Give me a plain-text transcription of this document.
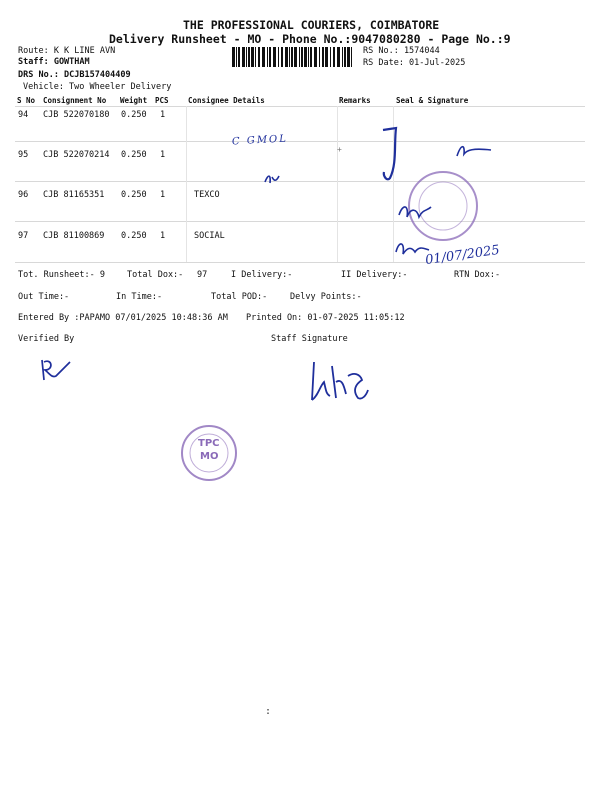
THE PROFESSIONAL COURIERS, COIMBATORE
Delivery Runsheet - MO - Phone No.:9047080280 - Page No.:9
Route: K K LINE AVN
Staff: GOWTHAM
DRS No.: DCJB157404409
Vehicle: Two Wheeler Delivery
RS No.: 1574044
RS Date: 01-Jul-2025
S No Consignment No Weight PCS	Consignee Details	Remarks	Seal & Signature
94 CJB 522070180 0.250 1
95 CJB 522070214 0.250 1
96 CJB 81165351 0.250 1	TEXCO
97 CJB 81100869 0.250 1	SOCIAL
Tot. Runsheet:- 9	Total Dox:- 97	I Delivery:-	II Delivery:-	RTN Dox:-
Out Time:-	In Time:-	Total POD:-	Delvy Points:-
Entered By :PAPAMO 07/01/2025 10:48:36 AM Printed On: 01-07-2025 11:05:12
Verified By	Staff Signature
C GMOL
+
01/07/2025
TPC
MO
:
